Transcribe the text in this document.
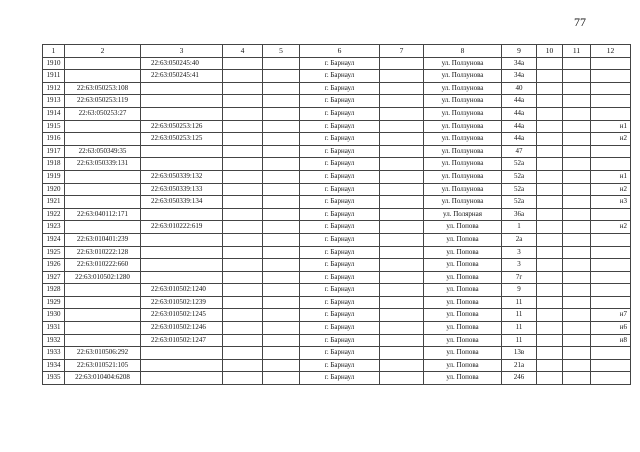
77
1	2	3	4	5	6	7	8	9	10	11	12
1910		22:63:050245:40			г. Барнаул		ул. Ползунова	34а			
1911		22:63:050245:41			г. Барнаул		ул. Ползунова	34а			
1912	22:63:050253:108				г. Барнаул		ул. Ползунова	40			
1913	22:63:050253:119				г. Барнаул		ул. Ползунова	44а			
1914	22:63:050253:27				г. Барнаул		ул. Ползунова	44а			
1915		22:63:050253:126			г. Барнаул		ул. Ползунова	44а			н1
1916		22:63:050253:125			г. Барнаул		ул. Ползунова	44а			н2
1917	22:63:050349:35				г. Барнаул		ул. Ползунова	47			
1918	22:63:050339:131				г. Барнаул		ул. Ползунова	52а			
1919		22:63:050339:132			г. Барнаул		ул. Ползунова	52а			н1
1920		22:63:050339:133			г. Барнаул		ул. Ползунова	52а			н2
1921		22:63:050339:134			г. Барнаул		ул. Ползунова	52а			н3
1922	22:63:040112:171				г. Барнаул		ул. Полярная	36а			
1923		22:63:010222:619			г. Барнаул		ул. Попова	1			н2
1924	22:63:010401:239				г. Барнаул		ул. Попова	2а			
1925	22:63:010222:128				г. Барнаул		ул. Попова	3			
1926	22:63:010222:660				г. Барнаул		ул. Попова	3			
1927	22:63:010502:1280				г. Барнаул		ул. Попова	7г			
1928		22:63:010502:1240			г. Барнаул		ул. Попова	9			
1929		22:63:010502:1239			г. Барнаул		ул. Попова	11			
1930		22:63:010502:1245			г. Барнаул		ул. Попова	11			н7
1931		22:63:010502:1246			г. Барнаул		ул. Попова	11			н6
1932		22:63:010502:1247			г. Барнаул		ул. Попова	11			н8
1933	22:63:010506:292				г. Барнаул		ул. Попова	13в			
1934	22:63:010521:105				г. Барнаул		ул. Попова	21а			
1935	22:63:010404:6208				г. Барнаул		ул. Попова	246			
